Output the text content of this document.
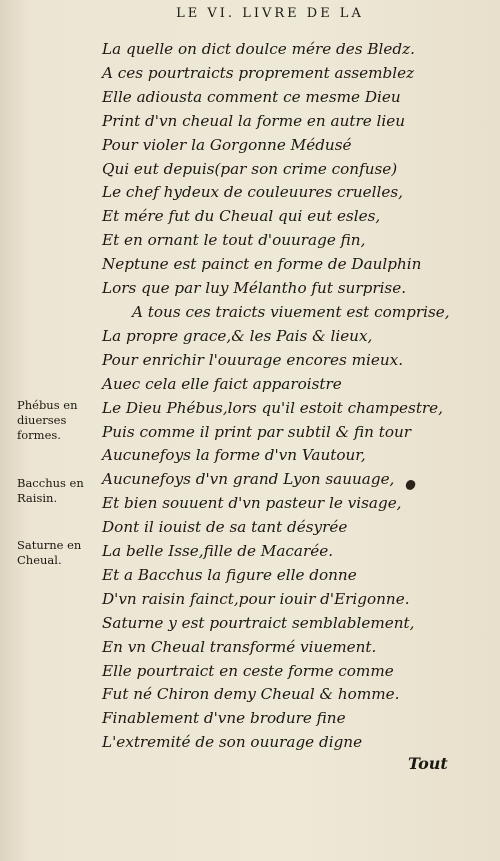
LE VI. LIVRE DE LA
La quelle on dict doulce mére des Bledz.
A ces pourtraicts proprement assemblez
Elle adiousta comment ce mesme Dieu
Print d'vn cheual la forme en autre lieu
Pour violer la Gorgonne Médusé
Qui eut depuis(par son crime confuse)
Le chef hydeux de couleuures cruelles,
Et mére fut du Cheual qui eut esles,
Et en ornant le tout d'ouurage fin,
Neptune est painct en forme de Daulphin
Lors que par luy Mélantho fut surprise.
A tous ces traicts viuement est comprise,
La propre grace,& les Pais & lieux,
Pour enrichir l'ouurage encores mieux.
Auec cela elle faict apparoistre
Le Dieu Phébus,lors qu'il estoit champestre,
Puis comme il print par subtil & fin tour
Aucunefoys la forme d'vn Vautour,
Aucunefoys d'vn grand Lyon sauuage,
Et bien souuent d'vn pasteur le visage,
Dont il iouist de sa tant désyrée
La belle Isse,fille de Macarée.
Et a Bacchus la figure elle donne
D'vn raisin fainct,pour iouir d'Erigonne.
Saturne y est pourtraict semblablement,
En vn Cheual transformé viuement.
Elle pourtraict en ceste forme comme
Fut né Chiron demy Cheual & homme.
Finablement d'vne brodure fine
L'extremité de son ouurage digne
Phébus en diuerses formes.
Bacchus en Raisin.
Saturne en Cheual.
Tout
